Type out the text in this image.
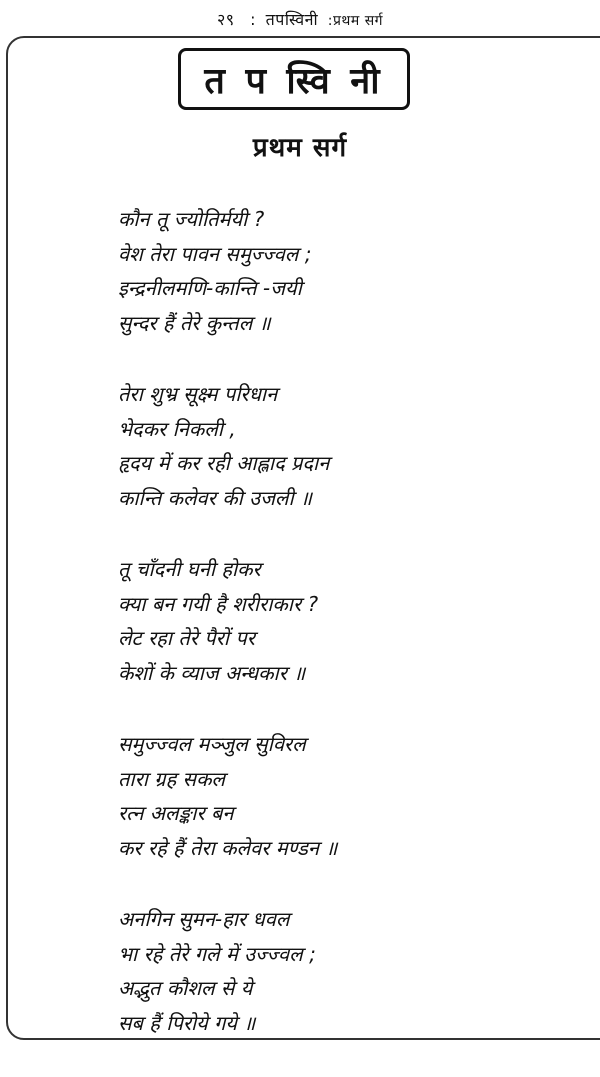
२९ : तपस्विनी :प्रथम सर्ग
त प स्वि नी
प्रथम सर्ग
कौन तू ज्योतिर्मयी ?
वेश तेरा पावन समुज्ज्वल ;
इन्द्रनीलमणि-कान्ति -जयी
सुन्दर हैं तेरे कुन्तल ॥
तेरा शुभ्र सूक्ष्म परिधान
भेदकर निकली ,
हृदय में कर रही आह्लाद प्रदान
कान्ति कलेवर की उजली ॥
तू चाँदनी घनी होकर
क्या बन गयी है शरीराकार ?
लेट रहा तेरे पैरों पर
केशों के व्याज अन्धकार ॥
समुज्ज्वल मञ्जुल सुविरल
तारा ग्रह सकल
रत्न अलङ्कार बन
कर रहे हैं तेरा कलेवर मण्डन ॥
अनगिन सुमन-हार धवल
भा रहे तेरे गले में उज्ज्वल ;
अद्भुत कौशल से ये
सब हैं पिरोये गये ॥
